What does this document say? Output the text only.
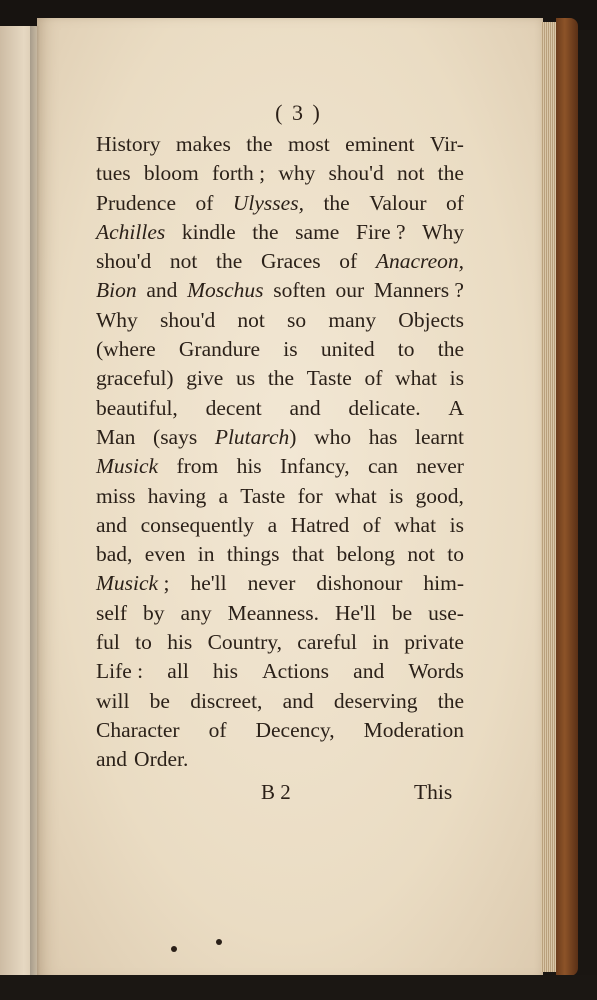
( 3 )
History makes the most eminent Vir-
tues bloom forth ; why shou'd not the
Prudence of Ulysses, the Valour of
Achilles kindle the same Fire ? Why
shou'd not the Graces of Anacreon,
Bion and Moschus soften our Manners ?
Why shou'd not so many Objects
(where Grandure is united to the
graceful) give us the Taste of what is
beautiful, decent and delicate. A
Man (says Plutarch) who has learnt
Musick from his Infancy, can never
miss having a Taste for what is good,
and consequently a Hatred of what is
bad, even in things that belong not to
Musick ; he'll never dishonour him-
self by any Meanness. He'll be use-
ful to his Country, careful in private
Life : all his Actions and Words
will be discreet, and deserving the
Character of Decency, Moderation
and Order.
B 2	This
